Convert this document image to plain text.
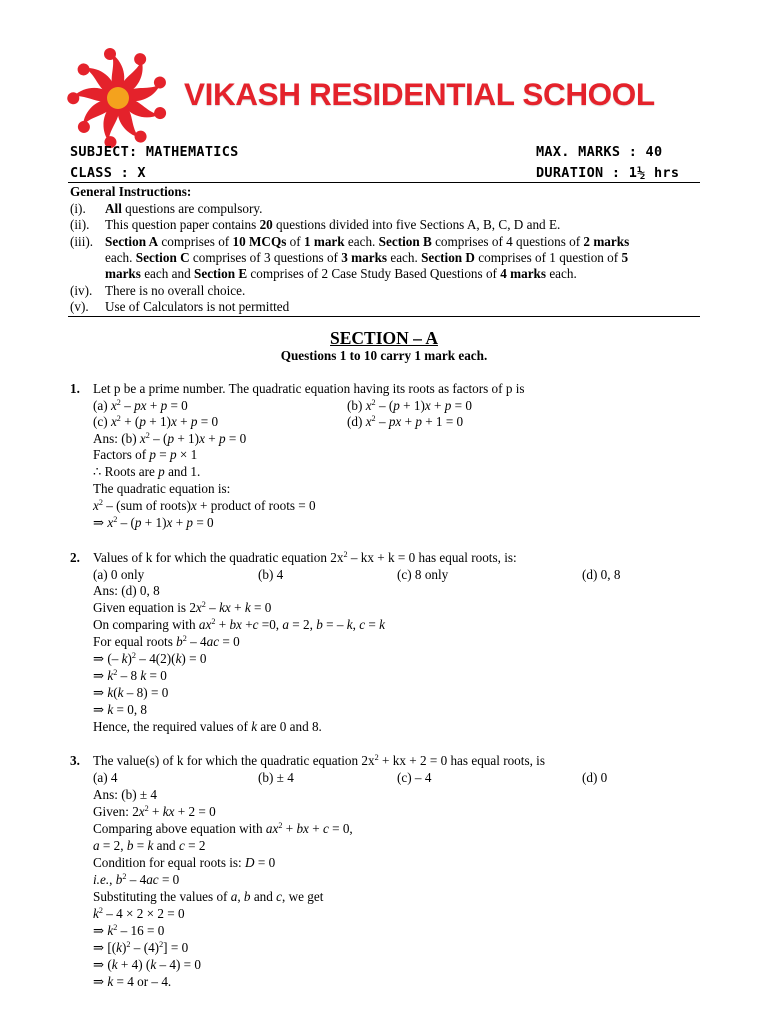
VIKASH RESIDENTIAL SCHOOL
SUBJECT: MATHEMATICS	MAX. MARKS : 40
CLASS : X	DURATION : 1½ hrs
General Instructions:
(i). All questions are compulsory.
(ii). This question paper contains 20 questions divided into five Sections A, B, C, D and E.
(iii). Section A comprises of 10 MCQs of 1 mark each. Section B comprises of 4 questions of 2 marks
each. Section C comprises of 3 questions of 3 marks each. Section D comprises of 1 question of 5
marks each and Section E comprises of 2 Case Study Based Questions of 4 marks each.
(iv). There is no overall choice.
(v). Use of Calculators is not permitted
SECTION – A
Questions 1 to 10 carry 1 mark each.
1. Let p be a prime number. The quadratic equation having its roots as factors of p is
(a) $x^2$ – px + p = 0	(b) $x^2 - (p + 1)x + p = 0$
(c) $x^2 + (p + 1)x + p = 0$	(d) $x^2$ – px + p + 1 = 0
Ans: (b) $x^2 - (p + 1)x + p = 0$
Factors of p = p × 1
∴ Roots are p and 1.
The quadratic equation is:
$x^2 - (sum$ of roots)x + product of roots = 0
⇒ $x^2 - (p + 1)x + p = 0$
2. Values of k for which the quadratic equation $2x^2$ – kx + k = 0 has equal roots, is:
(a) 0 only	(b) 4	(c) 8 only	(d) 0, 8
Ans: (d) 0, 8
Given equation is $2x^2$ – kx + k = 0
On comparing with $ax^2$ + bx +c =0, a = 2, b = – k, c = k
For equal roots $b^2 - 4ac = 0$
⇒ (– k)$^2$ – 4(2)(k) = 0
⇒ $k^2 - 8$ k = 0
⇒ k(k – 8) = 0
⇒ k = 0, 8
Hence, the required values of k are 0 and 8.
3. The value(s) of k for which the quadratic equation $2x^2$ + kx + 2 = 0 has equal roots, is
(a) 4	(b) ± 4	(c) – 4	(d) 0
Ans: (b) ± 4
Given: $2x^2$ + kx + 2 = 0
Comparing above equation with $ax^2$ + bx + c = 0,
a = 2, b = k and c = 2
Condition for equal roots is: D = 0
i.e., $b^2 - 4ac = 0$
Substituting the values of a, b and c, we get
$k^2 - 4 \times 2 \times 2 = 0$
⇒ $k^2 - 16 = 0$
⇒ $[(k)^2 - (4)^2] = 0$
⇒ (k + 4) (k – 4) = 0
⇒ k = 4 or – 4.
